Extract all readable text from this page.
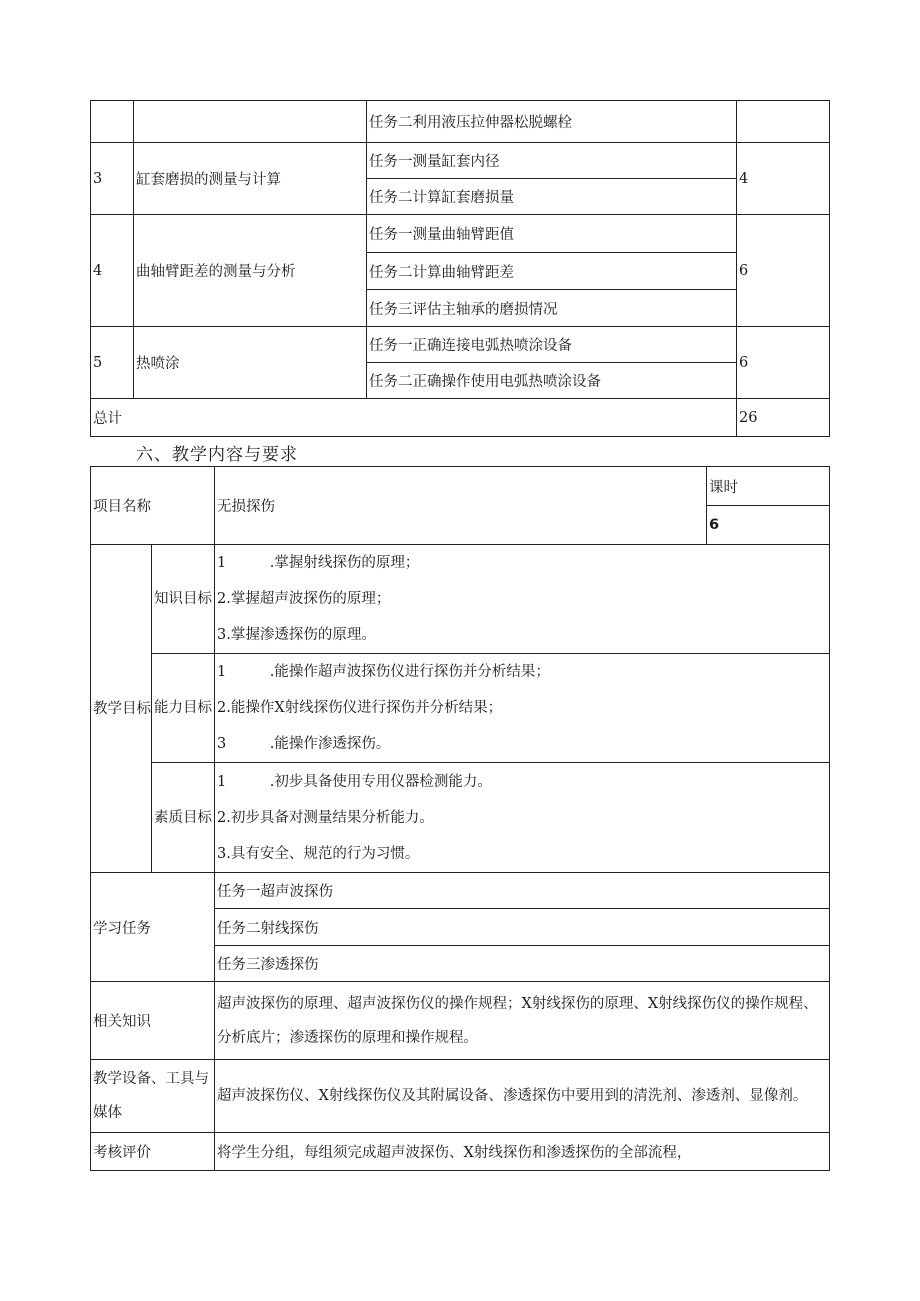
		任务二利用液压拉伸器松脱螺栓	
3	缸套磨损的测量与计算	任务一测量缸套内径	4
		任务二计算缸套磨损量	
4	曲轴臂距差的测量与分析	任务一测量曲轴臂距值	6
		任务二计算曲轴臂距差	
		任务三评估主轴承的磨损情况	
5	热喷涂	任务一正确连接电弧热喷涂设备	6
		任务二正确操作使用电弧热喷涂设备	
总计			26
六、教学内容与要求
项目名称		无损探伤	课时
			6
教学目标	知识目标	1　　　.掌握射线探伤的原理；
2.掌握超声波探伤的原理；
3.掌握渗透探伤的原理。	

	能力目标	1　　　.能操作超声波探伤仪进行探伤并分析结果；
2.能操作X射线探伤仪进行探伤并分析结果；
3　　　.能操作渗透探伤。	

	素质目标	1　　　.初步具备使用专用仪器检测能力。
2.初步具备对测量结果分析能力。
3.具有安全、规范的行为习惯。	

学习任务		任务一超声波探伤	
		任务二射线探伤	
		任务三渗透探伤	
相关知识		超声波探伤的原理、超声波探伤仪的操作规程；X射线探伤的原理、X射线探伤仪的操作规程、分析底片；渗透探伤的原理和操作规程。	
教学设备、工具与媒体		超声波探伤仪、X射线探伤仪及其附属设备、渗透探伤中要用到的清洗剂、渗透剂、显像剂。	
考核评价		将学生分组，每组须完成超声波探伤、X射线探伤和渗透探伤的全部流程，	
